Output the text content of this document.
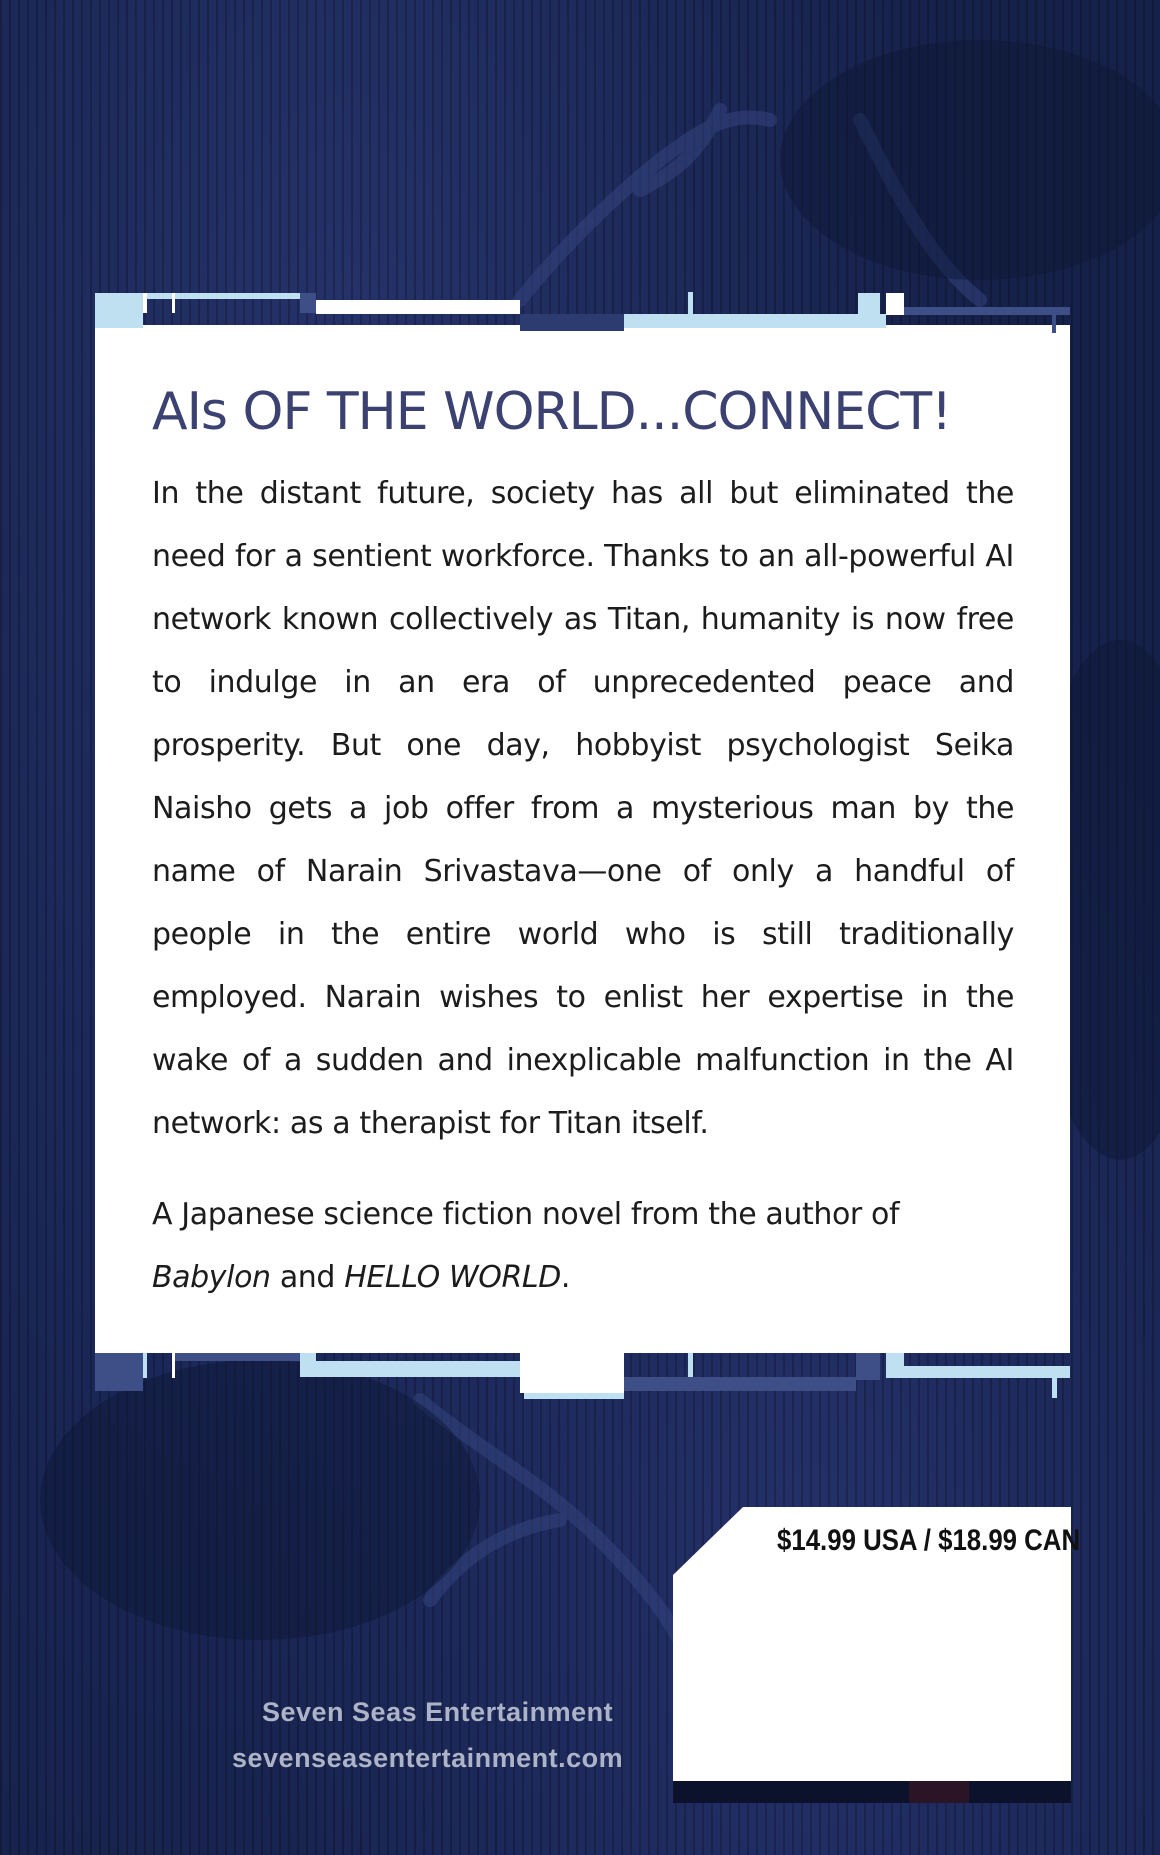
AIs OF THE WORLD...CONNECT!

In the distant future, society has all but eliminated the need for a sentient workforce. Thanks to an all-powerful AI network known collectively as Titan, humanity is now free to indulge in an era of unprecedented peace and prosperity. But one day, hobbyist psychologist Seika Naisho gets a job offer from a mysterious man by the name of Narain Srivastava—one of only a handful of people in the entire world who is still traditionally employed. Narain wishes to enlist her expertise in the wake of a sudden and inexplicable malfunction in the AI network: as a therapist for Titan itself.

A Japanese science fiction novel from the author of
Babylon and HELLO WORLD.

$14.99 USA / $18.99 CAN
Seven Seas Entertainment
sevenseasentertainment.com
